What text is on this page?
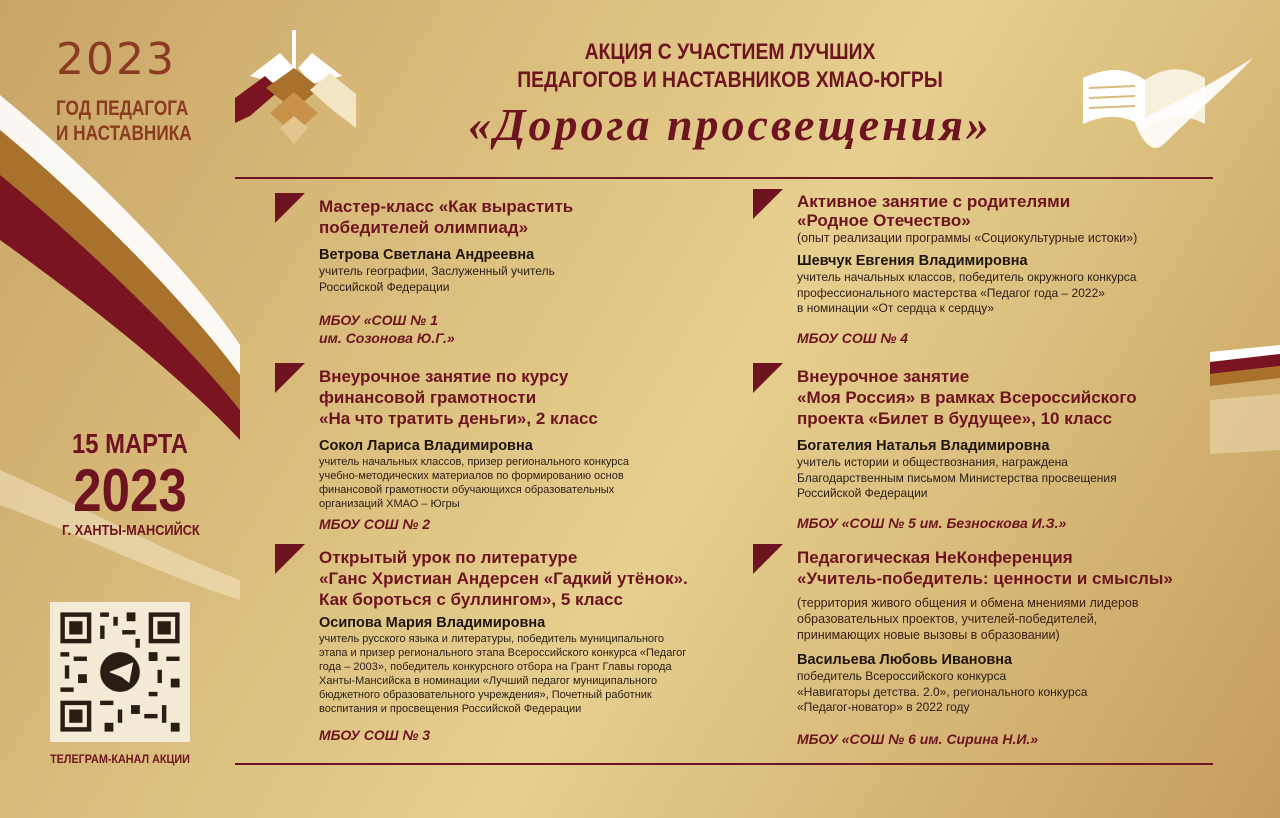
2023
ГОД ПЕДАГОГА
И НАСТАВНИКА
15 МАРТА
2023
Г. ХАНТЫ-МАНСИЙСК
ТЕЛЕГРАМ-КАНАЛ АКЦИИ
АКЦИЯ С УЧАСТИЕМ ЛУЧШИХ
ПЕДАГОГОВ И НАСТАВНИКОВ ХМАО-ЮГРЫ
«Дорога просвещения»
Мастер-класс «Как вырастить
победителей олимпиад»
Ветрова Светлана Андреевна
учитель географии, Заслуженный учитель
Российской Федерации
МБОУ «СОШ № 1
им. Созонова Ю.Г.»
Внеурочное занятие по курсу
финансовой грамотности
«На что тратить деньги», 2 класс
Сокол Лариса Владимировна
учитель начальных классов, призер регионального конкурса
учебно-методических материалов по формированию основ
финансовой грамотности обучающихся образовательных
организаций ХМАО – Югры
МБОУ СОШ № 2
Открытый урок по литературе
«Ганс Христиан Андерсен «Гадкий утёнок».
Как бороться с буллингом», 5 класс
Осипова Мария Владимировна
учитель русского языка и литературы, победитель муниципального
этапа и призер регионального этапа Всероссийского конкурса «Педагог
года – 2003», победитель конкурсного отбора на Грант Главы города
Ханты-Мансийска в номинации «Лучший педагог муниципального
бюджетного образовательного учреждения», Почетный работник
воспитания и просвещения Российской Федерации
МБОУ СОШ № 3
Активное занятие с родителями
«Родное Отечество»
(опыт реализации программы «Социокультурные истоки»)
Шевчук Евгения Владимировна
учитель начальных классов, победитель окружного конкурса
профессионального мастерства «Педагог года – 2022»
в номинации «От сердца к сердцу»
МБОУ СОШ № 4
Внеурочное занятие
«Моя Россия» в рамках Всероссийского
проекта «Билет в будущее», 10 класс
Богателия Наталья Владимировна
учитель истории и обществознания, награждена
Благодарственным письмом Министерства просвещения
Российской Федерации
МБОУ «СОШ № 5 им. Безноскова И.З.»
Педагогическая НеКонференция
«Учитель-победитель: ценности и смыслы»
(территория живого общения и обмена мнениями лидеров
образовательных проектов, учителей-победителей,
принимающих новые вызовы в образовании)
Васильева Любовь Ивановна
победитель Всероссийского конкурса
«Навигаторы детства. 2.0», регионального конкурса
«Педагог-новатор» в 2022 году
МБОУ «СОШ № 6 им. Сирина Н.И.»
